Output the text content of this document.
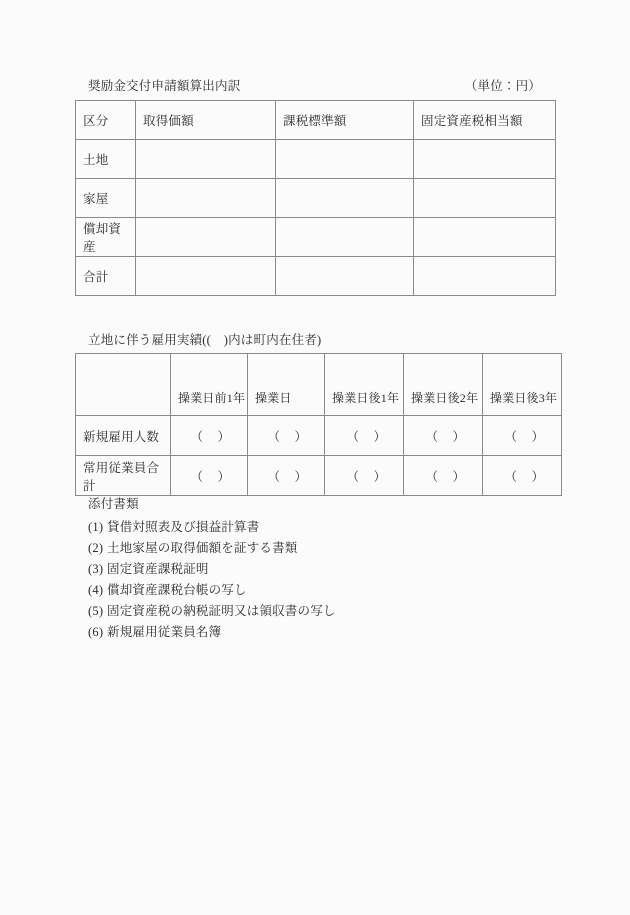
奨励金交付申請額算出内訳	（単位：円）
区分	取得価額	課税標準額	固定資産税相当額
土地			
家屋			
償却資産			
合計			
立地に伴う雇用実績((　)内は町内在住者)
	操業日前1年	操業日	操業日後1年	操業日後2年	操業日後3年
新規雇用人数	（　）	（　）	（　）	（　）	（　）
常用従業員合計	（　）	（　）	（　）	（　）	（　）
添付書類
(1) 貸借対照表及び損益計算書
(2) 土地家屋の取得価額を証する書類
(3) 固定資産課税証明
(4) 償却資産課税台帳の写し
(5) 固定資産税の納税証明又は領収書の写し
(6) 新規雇用従業員名簿
